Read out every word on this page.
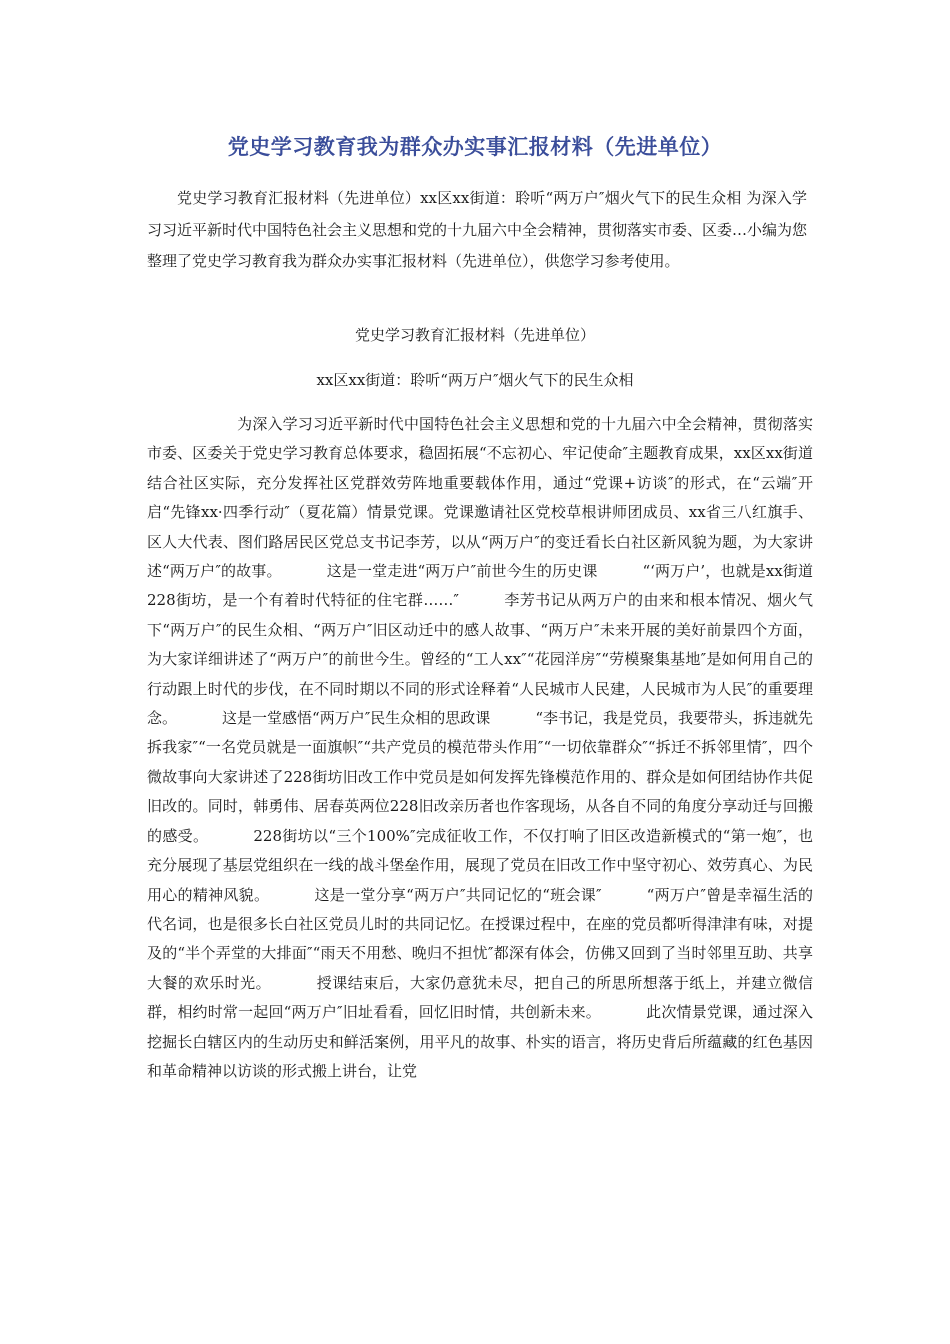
党史学习教育我为群众办实事汇报材料（先进单位）

党史学习教育汇报材料（先进单位）xx区xx街道：聆听“两万户″烟火气下的民生众相 为深入学习习近平新时代中国特色社会主义思想和党的十九届六中全会精神，贯彻落实市委、区委…小编为您整理了党史学习教育我为群众办实事汇报材料（先进单位），供您学习参考使用。

党史学习教育汇报材料（先进单位）

xx区xx街道：聆听“两万户″烟火气下的民生众相

为深入学习习近平新时代中国特色社会主义思想和党的十九届六中全会精神，贯彻落实市委、区委关于党史学习教育总体要求，稳固拓展“不忘初心、牢记使命″主题教育成果，xx区xx街道结合社区实际，充分发挥社区党群效劳阵地重要载体作用，通过“党课+访谈″的形式，在“云端″开启“先锋xx·四季行动″（夏花篇）情景党课。党课邀请社区党校草根讲师团成员、xx省三八红旗手、区人大代表、图们路居民区党总支书记李芳，以从“两万户″的变迁看长白社区新风貌为题，为大家讲述“两万户″的故事。	这是一堂走进“两万户″前世今生的历史课	“‘两万户’，也就是xx街道228街坊，是一个有着时代特征的住宅群……″	李芳书记从两万户的由来和根本情况、烟火气下“两万户″的民生众相、“两万户″旧区动迁中的感人故事、“两万户″未来开展的美好前景四个方面，为大家详细讲述了“两万户″的前世今生。曾经的“工人xx″“花园洋房″“劳模聚集基地″是如何用自己的行动跟上时代的步伐，在不同时期以不同的形式诠释着“人民城市人民建，人民城市为人民″的重要理念。	这是一堂感悟“两万户″民生众相的思政课	“李书记，我是党员，我要带头，拆违就先拆我家″“一名党员就是一面旗帜″“共产党员的模范带头作用″“一切依靠群众″“拆迁不拆邻里情″，四个微故事向大家讲述了228街坊旧改工作中党员是如何发挥先锋模范作用的、群众是如何团结协作共促旧改的。同时，韩勇伟、居春英两位228旧改亲历者也作客现场，从各自不同的角度分享动迁与回搬的感受。	228街坊以“三个100%″完成征收工作，不仅打响了旧区改造新模式的“第一炮″，也充分展现了基层党组织在一线的战斗堡垒作用，展现了党员在旧改工作中坚守初心、效劳真心、为民用心的精神风貌。	这是一堂分享“两万户″共同记忆的“班会课″	“两万户″曾是幸福生活的代名词，也是很多长白社区党员儿时的共同记忆。在授课过程中，在座的党员都听得津津有味，对提及的“半个弄堂的大排面″“雨天不用愁、晚归不担忧″都深有体会，仿佛又回到了当时邻里互助、共享大餐的欢乐时光。	授课结束后，大家仍意犹未尽，把自己的所思所想落于纸上，并建立微信群，相约时常一起回“两万户″旧址看看，回忆旧时情，共创新未来。	此次情景党课，通过深入挖掘长白辖区内的生动历史和鲜活案例，用平凡的故事、朴实的语言，将历史背后所蕴藏的红色基因和革命精神以访谈的形式搬上讲台，让党
